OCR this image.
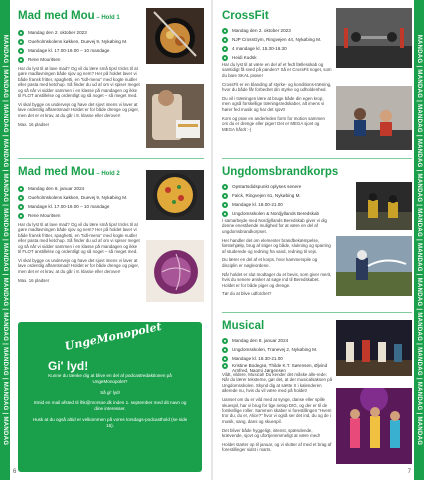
MANDAG | MANDAG | MANDAG | MANDAG | MANDAG | MANDAG | MANDAG | MANDAG | MANDAG | MANDAG | MANDAG | MANDAG	MANDAG | MANDAG | MANDAG | MANDAG | MANDAG | MANDAG | MANDAG | MANDAG | MANDAG | MANDAG | MANDAG | MANDAG
Mad med Mou – Hold 1
Mandag den 2. oktober 2023
Oueholmskolens køkken, Duevej 9, Nykøbing M.
Mandage kl. 17.00-19.00 – 10 mandage
Rene Mouritsen

Har du lyst til at lave mad? Og vil du lære små tips/ tricks til at gøre madlavningen både sjov og nem? Her på holdet laver vi både fransk fritter, spaghetti, en "tidl-menu" med kogte nudler eller pasta med ketchup. Så finder du ud af om vi spiser meget og så når vi sidder sammen i en klasse på mandagen og ikke til FLOT anstillelse og ordentligt og så noget – så meget med.

Vi skal bygge os undervejs og have det sjovt imens vi laver at lave ordentlig affaretsmad! Holdet er for både drenge og piger, men det er et krav, at du går i 8. klasse eller derover!

Max. 16 pladser

Mad med Mou – Hold 2
Mandag den 8. januar 2024
Oueholmskolens køkken, Duevej 9, Nykøbing M.
Mandage kl. 17.00-19.00 – 10 mandage
Rene Mouritsen

Har du lyst til at lave mad? Og vil du lære små tips/ tricks til at gøre madlavningen både sjov og nem? Her på holdet laver vi både fransk fritter, spaghetti, en "tidl-menu" med kogte nudler eller pasta med ketchup. Så finder du ud af om vi spiser meget og så når vi sidder sammen i en klasse på mandagen og ikke til FLOT anstillelse og ordentligt og så noget – så meget med.

Vi skal bygge os undervejs og have det sjovt imens vi laver at lave ordentlig affaretsmad! Holdet er for både drenge og piger, men det er et krav, at du går i 8. klasse eller derover!

Max. 16 pladser

UngeMonopolet
Gi' lyd!

Kunne du tænke dig at blive en del af podcastredaktionen på UngeMonopolet?

Så gi' lyd!

Smid en mail afsted til lhk@morsoe.dk inden 1. september med dit navn og dine interesser.

Husk at du også altid er velkommen på vores torsdags-podcasthold (se side 15).

CrossFit
Mandag den 2. oktober 2023
NJP CrossGym, Ringvejen 44, Nykøbing M.
4 mandage kl. 15.30-16.30
Heidi Kudsk

Har du lyst til at være en del af et fedt fællesskab og samtidigt få sved på panden? Så er CrossFit noget, som du bare SKAL prøve!

CrossFit er en blanding af styrke- og konditions-træning, hvor du både får forbedret din styrke og udholdenhed.

Du vil i træningen lære at bruge både din egen krop, men også forskellige træningsredskaber, alt imens vi hører fed musik og har det sjovt!

Kom og prøv en anderledes form for motion sammen om du er drenge eller piger! Det er MEGA sjovt og MEGA hårdt :-)

Ungdomsbrandkorps
Opstartsdidspunkt oplyses senere
Falck, Ringvejen 61, Nykøbing M.
Mandage kl. 18.00-21.00
Ungdomsskolen & Nordjyllands Beredskab

I samarbejde med Nordjyllands Beredskab giver vi dig denne enestående mulighed for at være en del af ungdomsbrandkorpset.

Her handler det om elementer brandbekæmpelse, førstehjælp, brug af stiger og både, slukning og sparring af studerede og redning fra vand, redning til vejs.

Du lærer en del af et korps, hvor kammerspile og disciplin er nøgleordene.

Når holdet er slut modtager du et bevis, som giver merit, hvis du senere ønsker at søge ind til Beredskabet. Holdet er for både piger og drenge.

Tør du at blive udfordret?

Musical
Mandag den 8. januar 2024
Ungdomsskolen, Tranevej 2, Nykøbing M.
Mandage kl. 18.30-21.00
Kristine Bodegrø, Thilde K.T. Sørensen, Øjvind Arnfred, Naomi Jørgensen

Vildt, vildere, Musical! Du kender det måske alle-rede: Når du lærer teksterne, gør det, at der musicalsaksen på Ungdomsskolen. Skynd dig at sætte X i kalenderen allerede nu, hvis du vil være med på holdet!

Uanset om du er vild med at synge, danse eller spille skuespil, har vi brug for lige netop DIG, og der er til de forskellige roller. Sammen skaber vi forestillingen "Hvem tror du, du er, Alice?" hvor vi også ser det ind, du og de i musik, sang, dans og skuespil.

Det bliver både hyggeligt, intenst, spændende, krævende, sjovt og ufortjenemmeligt at være med!

Holdet starter op til januar, og vi slutter af med et brag af forestillinger sidst i marts.

6	7
